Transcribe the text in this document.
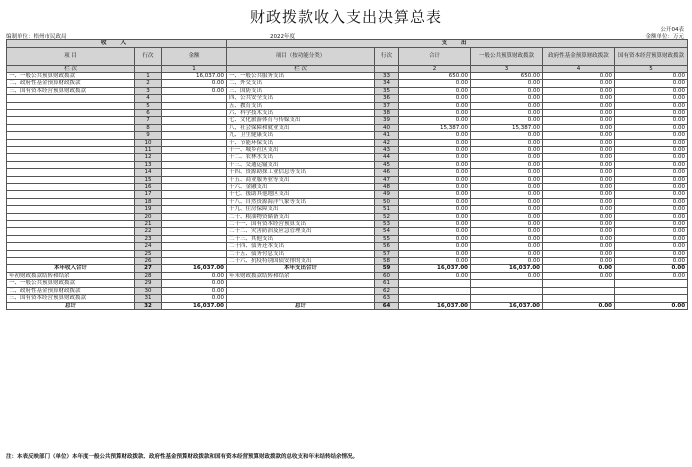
财政拨款收入支出决算总表
公开04表
金额单位：万元
编制单位：梧州市民政局	2022年度
收 入			支 出					
项 目	行次	金额	项目（按功能分类）	行次	合计	一般公共预算财政拨款	政府性基金预算财政拨款	国有资本经营预算财政拨款
栏 次		1	栏 次		2	3	4	5
一、一般公共预算财政拨款	1	16,037.00	一、一般公共服务支出	33	650.00	650.00	0.00	0.00
二、政府性基金预算财政拨款	2	0.00	二、外交支出	34	0.00	0.00	0.00	0.00
三、国有资本经营预算财政拨款	3	0.00	三、国防支出	35	0.00	0.00	0.00	0.00
	4		四、公共安全支出	36	0.00	0.00	0.00	0.00
	5		五、教育支出	37	0.00	0.00	0.00	0.00
	6		六、科学技术支出	38	0.00	0.00	0.00	0.00
	7		七、文化旅游体育与传媒支出	39	0.00	0.00	0.00	0.00
	8		八、社会保障和就业支出	40	15,387.00	15,387.00	0.00	0.00
	9		九、卫生健康支出	41	0.00	0.00	0.00	0.00
	10		十、节能环保支出	42	0.00	0.00	0.00	0.00
	11		十一、城乡社区支出	43	0.00	0.00	0.00	0.00
	12		十二、农林水支出	44	0.00	0.00	0.00	0.00
	13		十三、交通运输支出	45	0.00	0.00	0.00	0.00
	14		十四、资源勘探工业信息等支出	46	0.00	0.00	0.00	0.00
	15		十五、商业服务业等支出	47	0.00	0.00	0.00	0.00
	16		十六、金融支出	48	0.00	0.00	0.00	0.00
	17		十七、援助其他地区支出	49	0.00	0.00	0.00	0.00
	18		十八、自然资源海洋气象等支出	50	0.00	0.00	0.00	0.00
	19		十九、住房保障支出	51	0.00	0.00	0.00	0.00
	20		二十、粮油物资储备支出	52	0.00	0.00	0.00	0.00
	21		二十一、国有资本经营预算支出	53	0.00	0.00	0.00	0.00
	22		二十二、灾害防治及应急管理支出	54	0.00	0.00	0.00	0.00
	23		二十三、其他支出	55	0.00	0.00	0.00	0.00
	24		二十四、债务还本支出	56	0.00	0.00	0.00	0.00
	25		二十五、债务付息支出	57	0.00	0.00	0.00	0.00
	26		二十六、抗疫特别国债安排的支出	58	0.00	0.00	0.00	0.00
本年收入合计	27	16,037.00	本年支出合计	59	16,037.00	16,037.00	0.00	0.00
年初财政拨款结转和结余	28	0.00	年末财政拨款结转和结余	60	0.00	0.00	0.00	0.00
一、一般公共预算财政拨款	29	0.00		61				
二、政府性基金预算财政拨款	30	0.00		62				
三、国有资本经营预算财政拨款	31	0.00		63				
总计	32	16,037.00	总计	64	16,037.00	16,037.00	0.00	0.00
注：本表反映部门（单位）本年度一般公共预算财政拨款、政府性基金预算财政拨款和国有资本经营预算财政拨款的总收支和年末结转结余情况。
